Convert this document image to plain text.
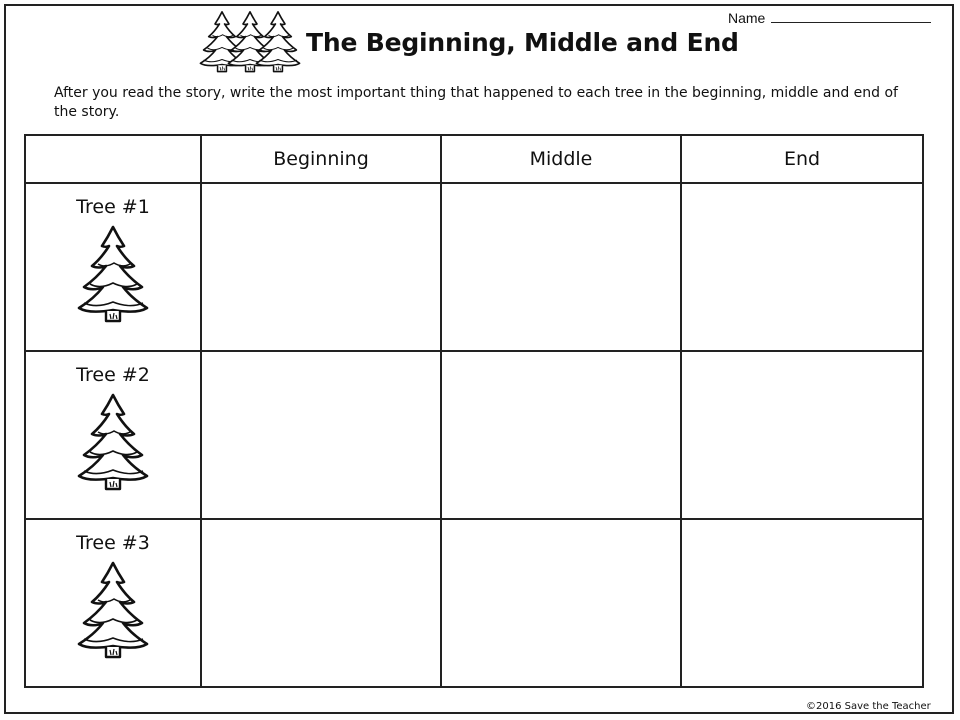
Name
The Beginning, Middle and End
After you read the story, write the most important thing that happened to each tree in the beginning, middle and end of the story.
	Beginning	Middle	End

Tree #1			

Tree #2			

Tree #3			

©2016 Save the Teacher
